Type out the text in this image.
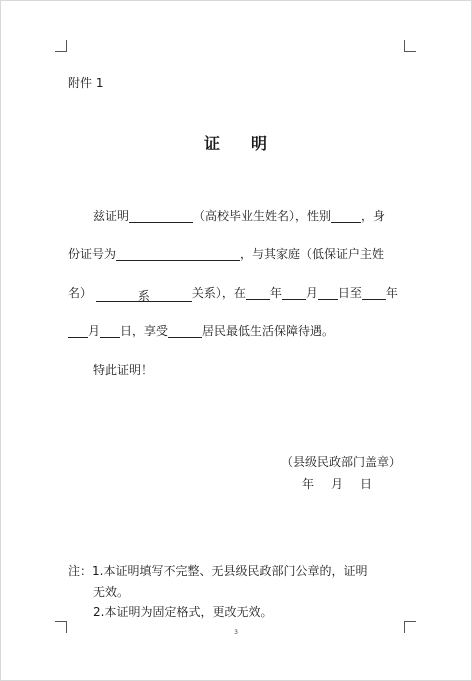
附件 1
证 明
兹证明	（高校毕业生姓名），性别	，身
份证号为	，与其家庭（低保证户主姓
名）	系	关系），在 年 月 日至 年
月 日，享受	居民最低生活保障待遇。
特此证明！
（县级民政部门盖章）
年 月 日
注：1.本证明填写不完整、无县级民政部门公章的，证明
无效。
2.本证明为固定格式，更改无效。
3
